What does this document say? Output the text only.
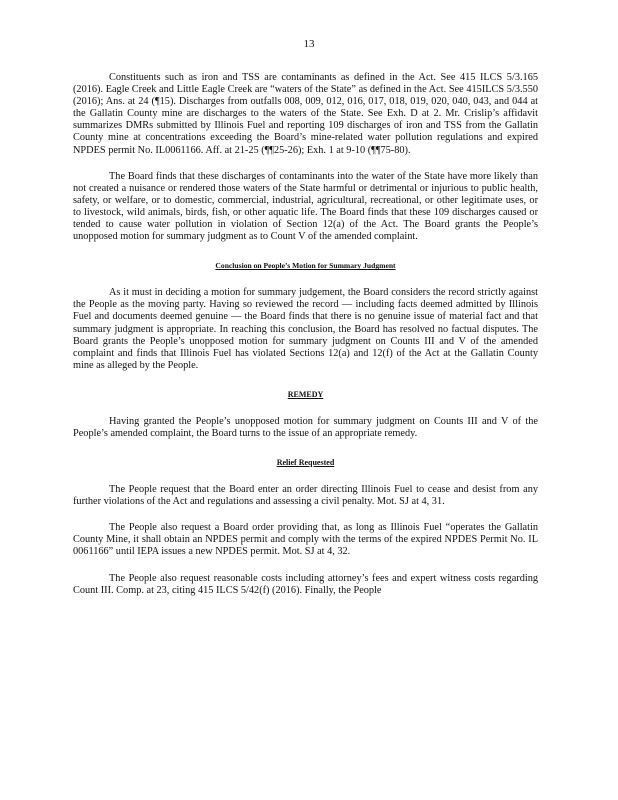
13

Constituents such as iron and TSS are contaminants as defined in the Act. See 415 ILCS 5/3.165 (2016). Eagle Creek and Little Eagle Creek are “waters of the State” as defined in the Act. See 415ILCS 5/3.550 (2016); Ans. at 24 (¶15). Discharges from outfalls 008, 009, 012, 016, 017, 018, 019, 020, 040, 043, and 044 at the Gallatin County mine are discharges to the waters of the State. See Exh. D at 2. Mr. Crislip’s affidavit summarizes DMRs submitted by Illinois Fuel and reporting 109 discharges of iron and TSS from the Gallatin County mine at concentrations exceeding the Board’s mine-related water pollution regulations and expired NPDES permit No. IL0061166. Aff. at 21-25 (¶¶25-26); Exh. 1 at 9-10 (¶¶75-80).

The Board finds that these discharges of contaminants into the water of the State have more likely than not created a nuisance or rendered those waters of the State harmful or detrimental or injurious to public health, safety, or welfare, or to domestic, commercial, industrial, agricultural, recreational, or other legitimate uses, or to livestock, wild animals, birds, fish, or other aquatic life. The Board finds that these 109 discharges caused or tended to cause water pollution in violation of Section 12(a) of the Act. The Board grants the People’s unopposed motion for summary judgment as to Count V of the amended complaint.

Conclusion on People’s Motion for Summary Judgment

As it must in deciding a motion for summary judgement, the Board considers the record strictly against the People as the moving party. Having so reviewed the record — including facts deemed admitted by Illinois Fuel and documents deemed genuine — the Board finds that there is no genuine issue of material fact and that summary judgment is appropriate. In reaching this conclusion, the Board has resolved no factual disputes. The Board grants the People’s unopposed motion for summary judgment on Counts III and V of the amended complaint and finds that Illinois Fuel has violated Sections 12(a) and 12(f) of the Act at the Gallatin County mine as alleged by the People.

REMEDY

Having granted the People’s unopposed motion for summary judgment on Counts III and V of the People’s amended complaint, the Board turns to the issue of an appropriate remedy.

Relief Requested

The People request that the Board enter an order directing Illinois Fuel to cease and desist from any further violations of the Act and regulations and assessing a civil penalty. Mot. SJ at 4, 31.

The People also request a Board order providing that, as long as Illinois Fuel “operates the Gallatin County Mine, it shall obtain an NPDES permit and comply with the terms of the expired NPDES Permit No. IL 0061166” until IEPA issues a new NPDES permit. Mot. SJ at 4, 32.

The People also request reasonable costs including attorney’s fees and expert witness costs regarding Count III. Comp. at 23, citing 415 ILCS 5/42(f) (2016). Finally, the People
